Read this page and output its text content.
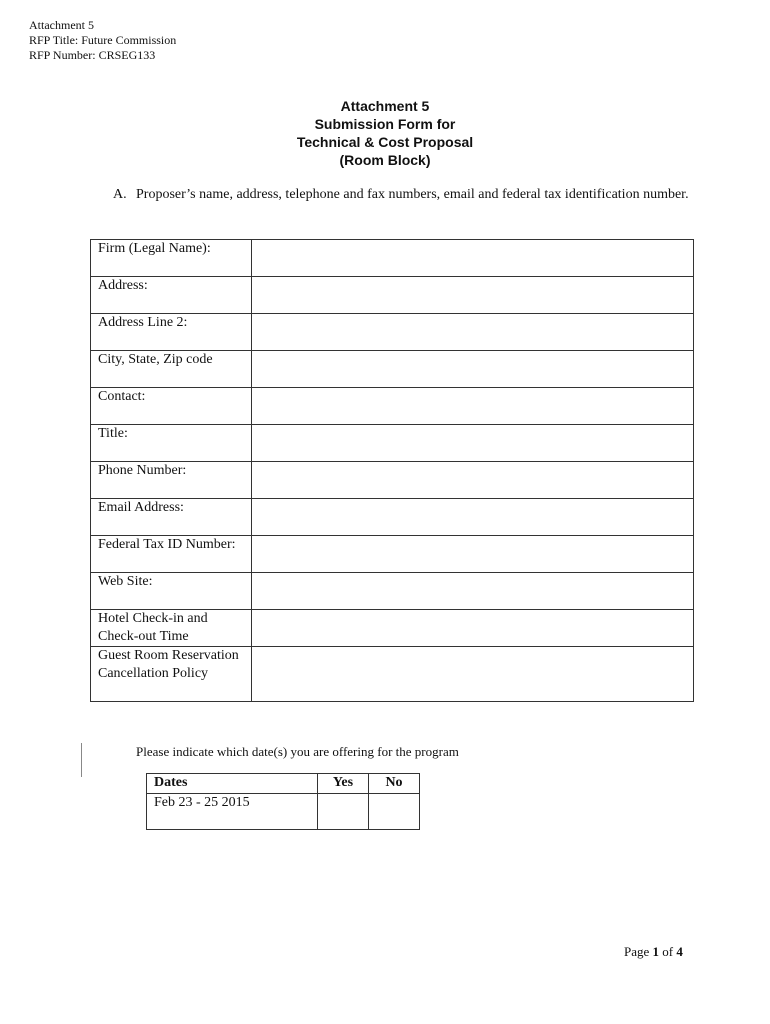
Attachment 5
RFP Title: Future Commission
RFP Number: CRSEG133
Attachment 5
Submission Form for
Technical & Cost Proposal
(Room Block)
A. Proposer’s name, address, telephone and fax numbers, email and federal tax identification number.
Firm (Legal Name):	
Address:	
Address Line 2:	
City, State, Zip code	
Contact:	
Title:	
Phone Number:	
Email Address:	
Federal Tax ID Number:	
Web Site:	
Hotel Check-in and Check-out Time	
Guest Room Reservation Cancellation Policy	
Please indicate which date(s) you are offering for the program
Dates	Yes	No
Feb 23 - 25 2015		
Page 1 of 4
